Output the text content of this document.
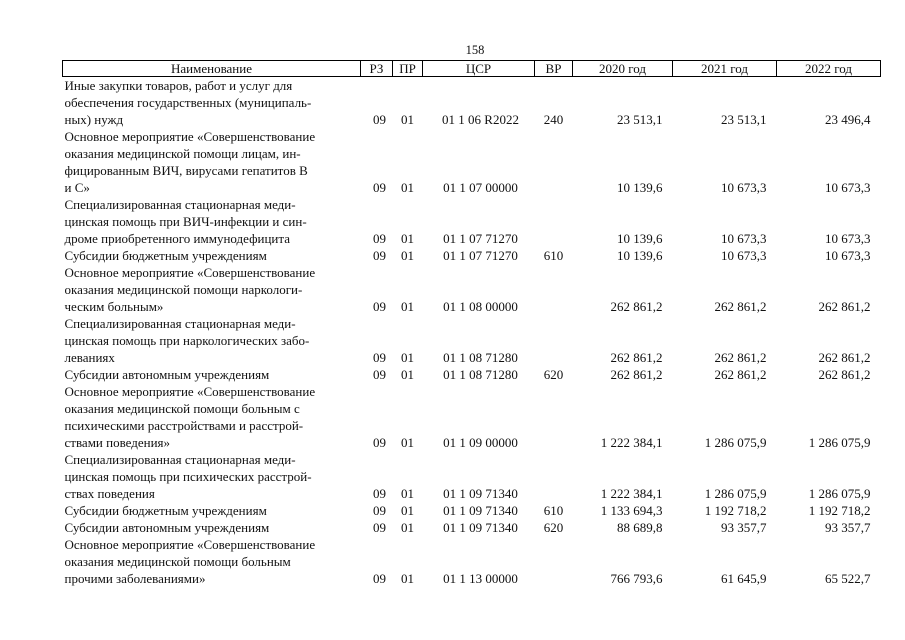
158
Наименование	РЗ	ПР	ЦСР	ВР	2020 год	2021 год	2022 год
Иные закупки товаров, работ и услуг для
обеспечения государственных (муниципаль-
ных) нужд	09	01	01 1 06 R2022	240	23 513,1	23 513,1	23 496,4
Основное мероприятие «Совершенствование
оказания медицинской помощи лицам, ин-
фицированным ВИЧ, вирусами гепатитов В
и С»	09	01	01 1 07 00000		10 139,6	10 673,3	10 673,3
Специализированная стационарная меди-
цинская помощь при ВИЧ-инфекции и син-
дроме приобретенного иммунодефицита	09	01	01 1 07 71270		10 139,6	10 673,3	10 673,3
Субсидии бюджетным учреждениям	09	01	01 1 07 71270	610	10 139,6	10 673,3	10 673,3
Основное мероприятие «Совершенствование
оказания медицинской помощи наркологи-
ческим больным»	09	01	01 1 08 00000		262 861,2	262 861,2	262 861,2
Специализированная стационарная меди-
цинская помощь при наркологических забо-
леваниях	09	01	01 1 08 71280		262 861,2	262 861,2	262 861,2
Субсидии автономным учреждениям	09	01	01 1 08 71280	620	262 861,2	262 861,2	262 861,2
Основное мероприятие «Совершенствование
оказания медицинской помощи больным с
психическими расстройствами и расстрой-
ствами поведения»	09	01	01 1 09 00000		1 222 384,1	1 286 075,9	1 286 075,9
Специализированная стационарная меди-
цинская помощь при психических расстрой-
ствах поведения	09	01	01 1 09 71340		1 222 384,1	1 286 075,9	1 286 075,9
Субсидии бюджетным учреждениям	09	01	01 1 09 71340	610	1 133 694,3	1 192 718,2	1 192 718,2
Субсидии автономным учреждениям	09	01	01 1 09 71340	620	88 689,8	93 357,7	93 357,7
Основное мероприятие «Совершенствование
оказания медицинской помощи больным
прочими заболеваниями»	09	01	01 1 13 00000		766 793,6	61 645,9	65 522,7
